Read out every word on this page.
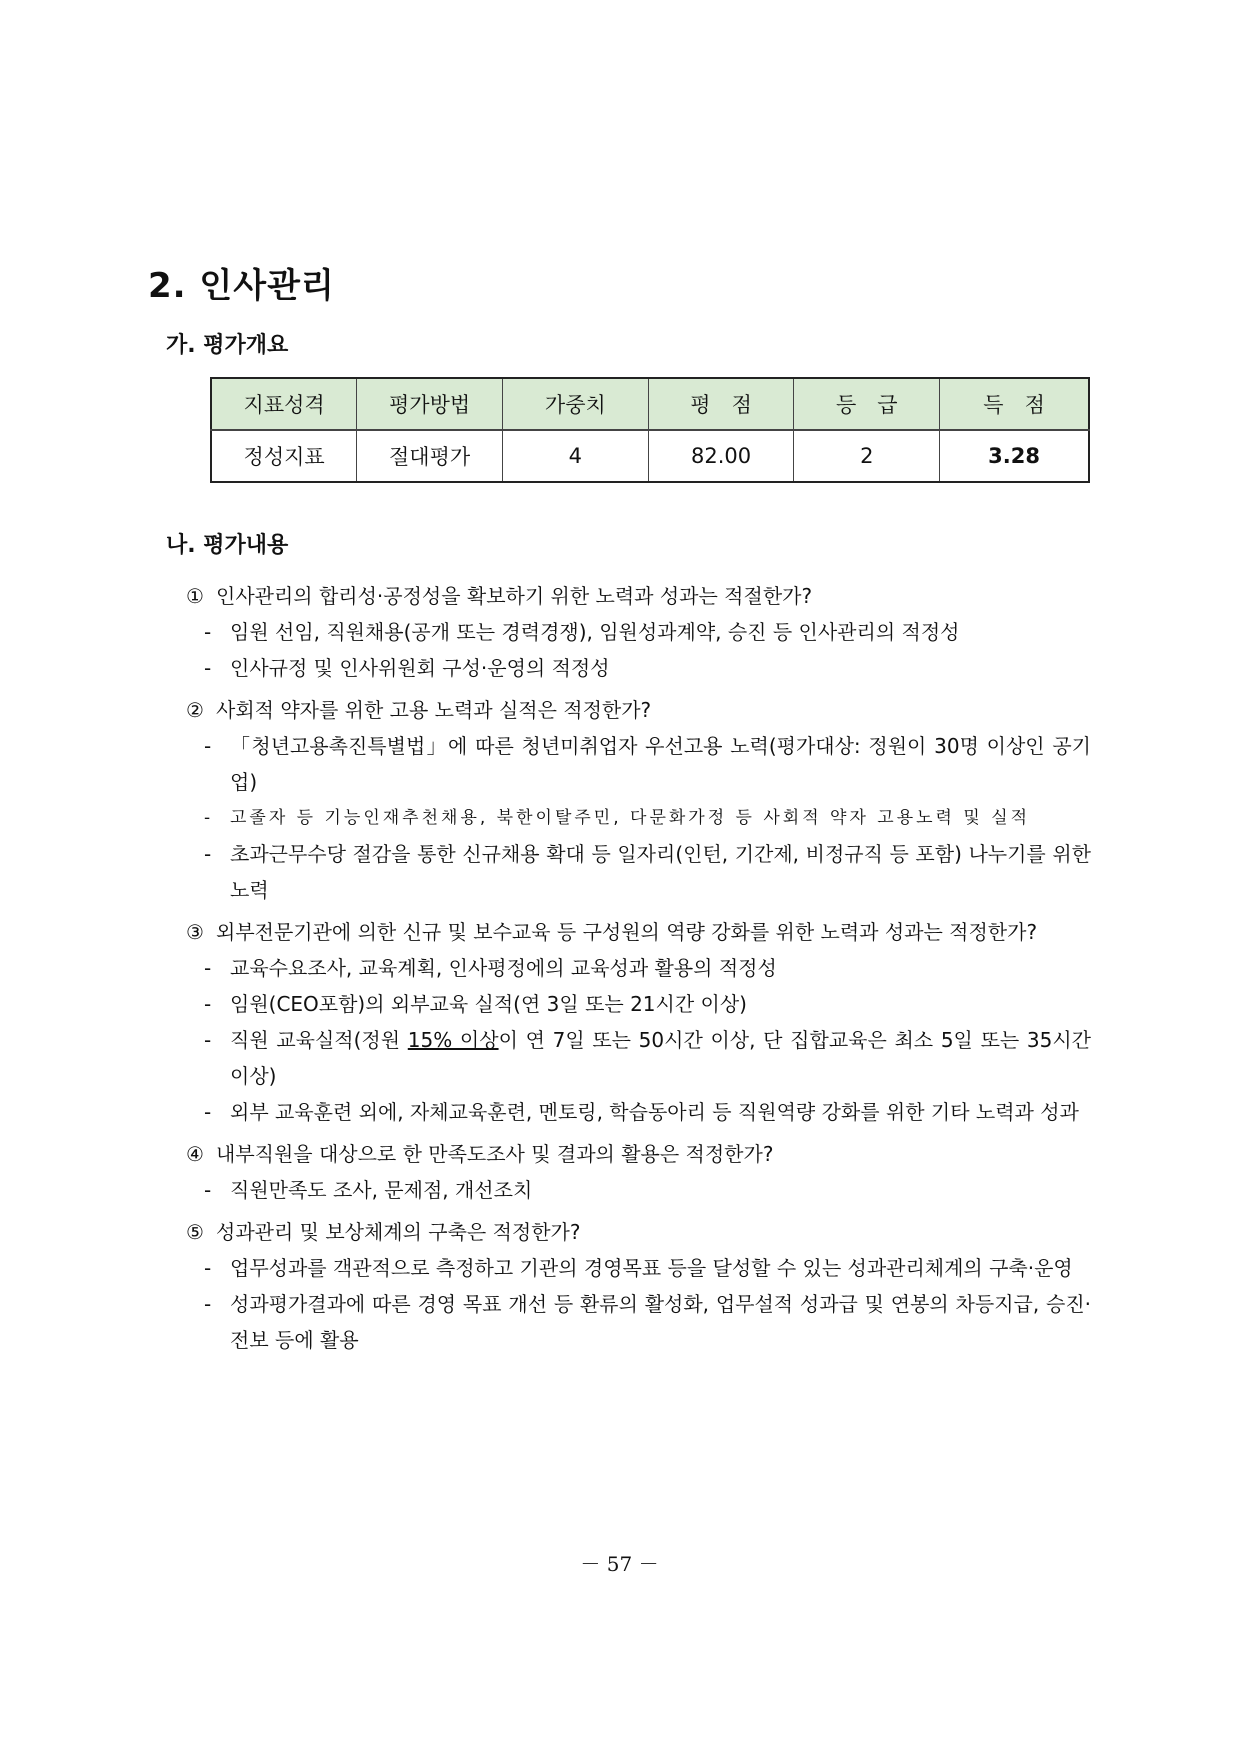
2. 인사관리
가. 평가개요
지표성격	평가방법	가중치	평　점	등　급	득　점
정성지표	절대평가	4	82.00	2	3.28
나. 평가내용
① 인사관리의 합리성·공정성을 확보하기 위한 노력과 성과는 적절한가?
- 임원 선임, 직원채용(공개 또는 경력경쟁), 임원성과계약, 승진 등 인사관리의 적정성
- 인사규정 및 인사위원회 구성·운영의 적정성
② 사회적 약자를 위한 고용 노력과 실적은 적정한가?
- 「청년고용촉진특별법」에 따른 청년미취업자 우선고용 노력(평가대상: 정원이 30명 이상인 공기업)
- 고졸자 등 기능인재추천채용, 북한이탈주민, 다문화가정 등 사회적 약자 고용노력 및 실적
- 초과근무수당 절감을 통한 신규채용 확대 등 일자리(인턴, 기간제, 비정규직 등 포함) 나누기를 위한 노력
③ 외부전문기관에 의한 신규 및 보수교육 등 구성원의 역량 강화를 위한 노력과 성과는 적정한가?
- 교육수요조사, 교육계획, 인사평정에의 교육성과 활용의 적정성
- 임원(CEO포함)의 외부교육 실적(연 3일 또는 21시간 이상)
- 직원 교육실적(정원 15% 이상이 연 7일 또는 50시간 이상, 단 집합교육은 최소 5일 또는 35시간 이상)
- 외부 교육훈련 외에, 자체교육훈련, 멘토링, 학습동아리 등 직원역량 강화를 위한 기타 노력과 성과
④ 내부직원을 대상으로 한 만족도조사 및 결과의 활용은 적정한가?
- 직원만족도 조사, 문제점, 개선조치
⑤ 성과관리 및 보상체계의 구축은 적정한가?
- 업무성과를 객관적으로 측정하고 기관의 경영목표 등을 달성할 수 있는 성과관리체계의 구축·운영
- 성과평가결과에 따른 경영 목표 개선 등 환류의 활성화, 업무설적 성과급 및 연봉의 차등지급, 승진·전보 등에 활용
－ 57 －
